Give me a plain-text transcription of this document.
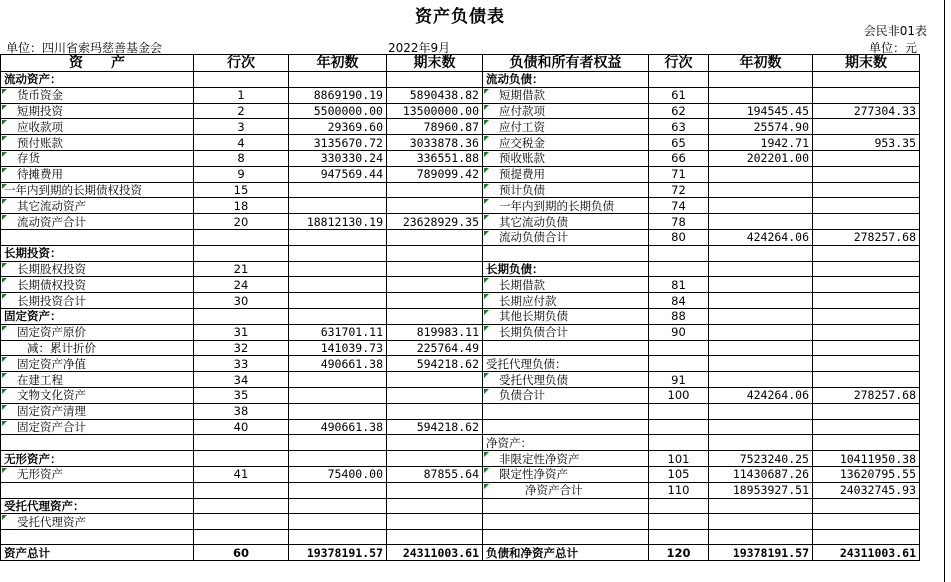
资产负债表
会民非01表
单位：四川省索玛慈善基金会	2022年9月	单位：元
资　　产	行次	年初数	期末数	负债和所有者权益	行次	年初数	期末数
流动资产：				流动负债：			
货币资金	1	8869190.19	5890438.82	短期借款	61		
短期投资	2	5500000.00	13500000.00	应付款项	62	194545.45	277304.33
应收款项	3	29369.60	78960.87	应付工资	63	25574.90	
预付账款	4	3135670.72	3033878.36	应交税金	65	1942.71	953.35
存货	8	330330.24	336551.88	预收账款	66	202201.00	
待摊费用	9	947569.44	789099.42	预提费用	71		
一年内到期的长期债权投资	15			预计负债	72		
其它流动资产	18			一年内到期的长期负债	74		
流动资产合计	20	18812130.19	23628929.35	其它流动负债	78		
				流动负债合计	80	424264.06	278257.68
长期投资：							
长期股权投资	21			长期负债：			
长期债权投资	24			长期借款	81		
长期投资合计	30			长期应付款	84		
固定资产：				其他长期负债	88		
固定资产原价	31	631701.11	819983.11	长期负债合计	90		
减：累计折价	32	141039.73	225764.49				
固定资产净值	33	490661.38	594218.62	受托代理负债：			
在建工程	34			受托代理负债	91		
文物文化资产	35			负债合计	100	424264.06	278257.68
固定资产清理	38						
固定资产合计	40	490661.38	594218.62				
				净资产：			
无形资产：				非限定性净资产	101	7523240.25	10411950.38
无形资产	41	75400.00	87855.64	限定性净资产	105	11430687.26	13620795.55
				净资产合计	110	18953927.51	24032745.93
受托代理资产：							
受托代理资产							

资产总计	60	19378191.57	24311003.61	负债和净资产总计	120	19378191.57	24311003.61
